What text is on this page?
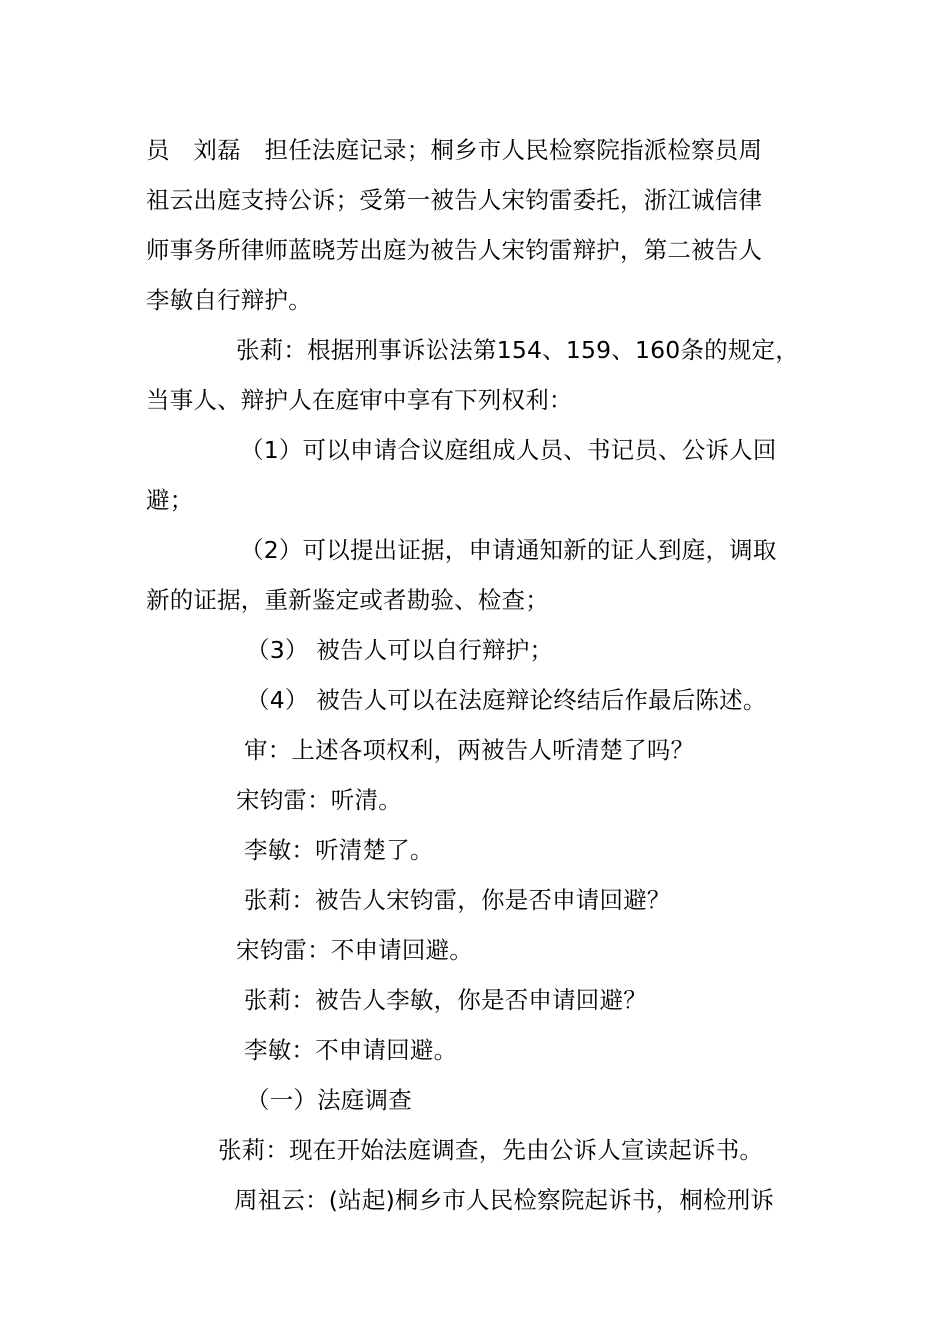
员　刘磊　担任法庭记录；桐乡市人民检察院指派检察员周
祖云出庭支持公诉；受第一被告人宋钧雷委托，浙江诚信律
师事务所律师蓝晓芳出庭为被告人宋钧雷辩护，第二被告人
李敏自行辩护。
张莉：根据刑事诉讼法第154、159、160条的规定，
当事人、辩护人在庭审中享有下列权利：
（1）可以申请合议庭组成人员、书记员、公诉人回
避；
（2）可以提出证据，申请通知新的证人到庭，调取
新的证据，重新鉴定或者勘验、检查；
（3） 被告人可以自行辩护；
（4） 被告人可以在法庭辩论终结后作最后陈述。
审：上述各项权利，两被告人听清楚了吗？
宋钧雷：听清。
李敏：听清楚了。
张莉：被告人宋钧雷，你是否申请回避？
宋钧雷：不申请回避。
张莉：被告人李敏，你是否申请回避？
李敏：不申请回避。
（一）法庭调查
张莉：现在开始法庭调查，先由公诉人宣读起诉书。
周祖云：(站起)桐乡市人民检察院起诉书，桐检刑诉
